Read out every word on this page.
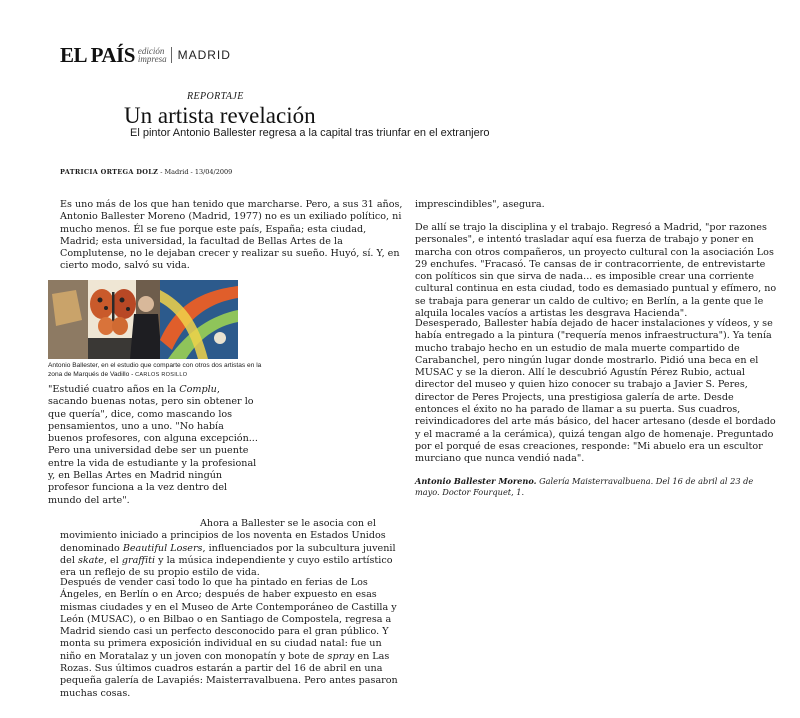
EL PAÍS edición
impresa MADRID
REPORTAJE
Un artista revelación
El pintor Antonio Ballester regresa a la capital tras triunfar en el extranjero
PATRICIA ORTEGA DOLZ - Madrid - 13/04/2009

Es uno más de los que han tenido que marcharse. Pero, a sus 31 años, Antonio Ballester Moreno (Madrid, 1977) no es un exiliado político, ni mucho menos. Él se fue porque este país, España; esta ciudad, Madrid; esta universidad, la facultad de Bellas Artes de la Complutense, no le dejaban crecer y realizar su sueño. Huyó, sí. Y, en cierto modo, salvó su vida.

Antonio Ballester, en el estudio que comparte con otros dos artistas en la zona de Marqués de Vadillo - CARLOS ROSILLO

"Estudié cuatro años en la Complu, sacando buenas notas, pero sin obtener lo que quería", dice, como mascando los pensamientos, uno a uno. "No había buenos profesores, con alguna excepción... Pero una universidad debe ser un puente entre la vida de estudiante y la profesional y, en Bellas Artes en Madrid ningún profesor funciona a la vez dentro del mundo del arte".

Ahora a Ballester se le asocia con el movimiento iniciado a principios de los noventa en Estados Unidos denominado Beautiful Losers, influenciados por la subcultura juvenil del skate, el graffiti y la música independiente y cuyo estilo artístico era un reflejo de su propio estilo de vida.

Después de vender casi todo lo que ha pintado en ferias de Los Ángeles, en Berlín o en Arco; después de haber expuesto en esas mismas ciudades y en el Museo de Arte Contemporáneo de Castilla y León (MUSAC), o en Bilbao o en Santiago de Compostela, regresa a Madrid siendo casi un perfecto desconocido para el gran público. Y monta su primera exposición individual en su ciudad natal: fue un niño en Moratalaz y un joven con monopatín y bote de spray en Las Rozas. Sus últimos cuadros estarán a partir del 16 de abril en una pequeña galería de Lavapiés: Maisterravalbuena. Pero antes pasaron muchas cosas.

imprescindibles", asegura.

De allí se trajo la disciplina y el trabajo. Regresó a Madrid, "por razones personales", e intentó trasladar aquí esa fuerza de trabajo y poner en marcha con otros compañeros, un proyecto cultural con la asociación Los 29 enchufes. "Fracasó. Te cansas de ir contracorriente, de entrevistarte con políticos sin que sirva de nada... es imposible crear una corriente cultural continua en esta ciudad, todo es demasiado puntual y efímero, no se trabaja para generar un caldo de cultivo; en Berlín, a la gente que le alquila locales vacíos a artistas les desgrava Hacienda".

Desesperado, Ballester había dejado de hacer instalaciones y vídeos, y se había entregado a la pintura ("requería menos infraestructura"). Ya tenía mucho trabajo hecho en un estudio de mala muerte compartido de Carabanchel, pero ningún lugar donde mostrarlo. Pidió una beca en el MUSAC y se la dieron. Allí le descubrió Agustín Pérez Rubio, actual director del museo y quien hizo conocer su trabajo a Javier S. Peres, director de Peres Projects, una prestigiosa galería de arte. Desde entonces el éxito no ha parado de llamar a su puerta. Sus cuadros, reivindicadores del arte más básico, del hacer artesano (desde el bordado y el macramé a la cerámica), quizá tengan algo de homenaje. Preguntado por el porqué de esas creaciones, responde: "Mi abuelo era un escultor murciano que nunca vendió nada".

Antonio Ballester Moreno. Galería Maisterravalbuena. Del 16 de abril al 23 de mayo. Doctor Fourquet, 1.
